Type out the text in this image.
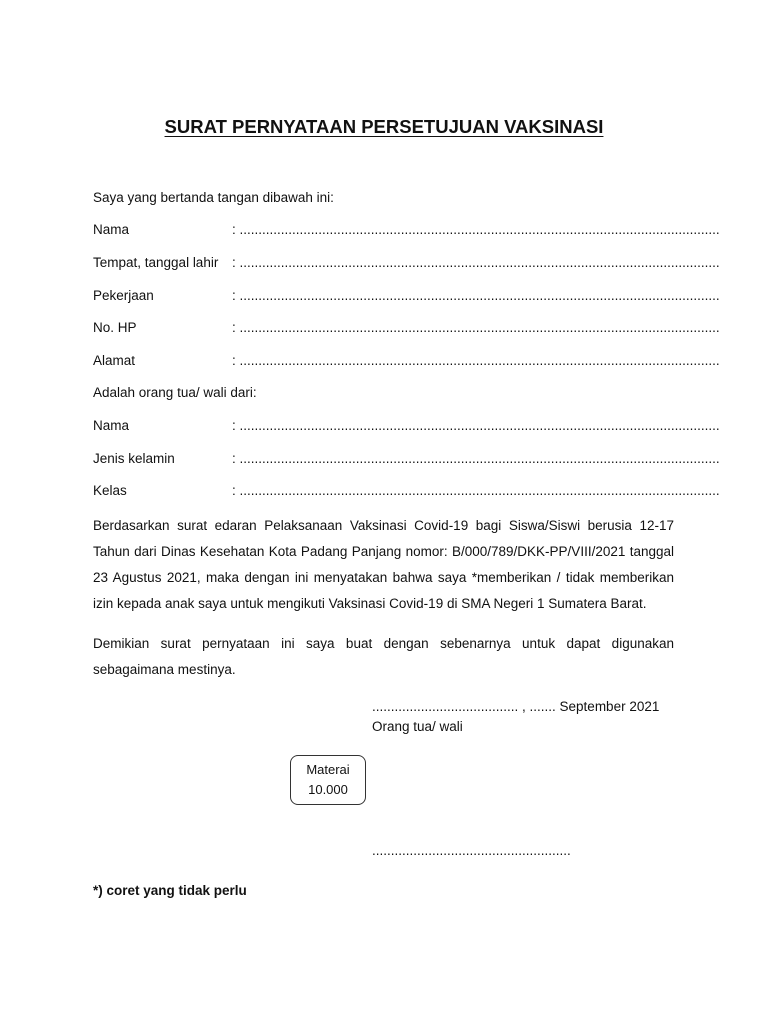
SURAT PERNYATAAN PERSETUJUAN VAKSINASI
Saya yang bertanda tangan dibawah ini:
Nama	: ................................................................................................................................
Tempat, tanggal lahir	: ................................................................................................................................
Pekerjaan	: ................................................................................................................................
No. HP	: ................................................................................................................................
Alamat	: ................................................................................................................................
Adalah orang tua/ wali dari:
Nama	: ................................................................................................................................
Jenis kelamin	: ................................................................................................................................
Kelas	: ................................................................................................................................
Berdasarkan surat edaran Pelaksanaan Vaksinasi Covid-19 bagi Siswa/Siswi berusia 12-17 Tahun dari Dinas Kesehatan Kota Padang Panjang nomor: B/000/789/DKK-PP/VIII/2021 tanggal 23 Agustus 2021, maka dengan ini menyatakan bahwa saya *memberikan / tidak memberikan izin kepada anak saya untuk mengikuti Vaksinasi Covid-19 di SMA Negeri 1 Sumatera Barat.
Demikian surat pernyataan ini saya buat dengan sebenarnya untuk dapat digunakan sebagaimana mestinya.
....................................... , ....... September 2021
Orang tua/ wali
Materai
10.000
.....................................................
*) coret yang tidak perlu
